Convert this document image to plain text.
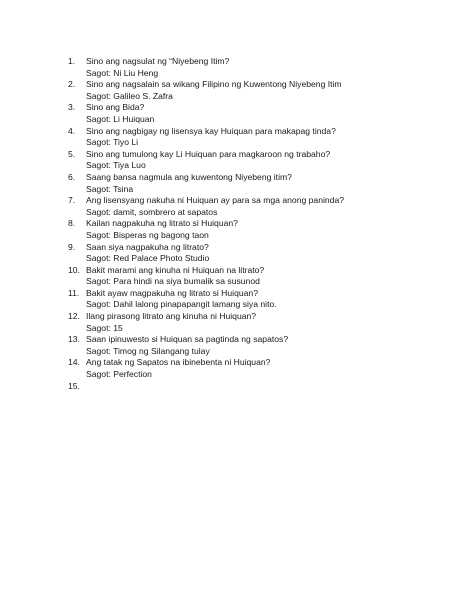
1.	Sino ang nagsulat ng “Niyebeng Itim?
Sagot: Ni Liu Heng
2.	Sino ang nagsalain sa wikang Filipino ng Kuwentong Niyebeng Itim
Sagot: Galileo S. Zafra
3.	Sino ang Bida?
Sagot: Li Huiquan
4.	Sino ang nagbigay ng lisensya kay Huiquan para makapag tinda?
Sagot: Tiyo Li
5.	Sino ang tumulong kay Li Huiquan para magkaroon ng trabaho?
Sagot: Tiya Luo
6.	Saang bansa nagmula ang kuwentong Niyebeng itim?
Sagot: Tsina
7.	Ang lisensyang nakuha ni Huiquan ay para sa mga anong paninda?
Sagot: damit, sombrero at sapatos
8.	Kailan nagpakuha ng litrato si Huiquan?
Sagot: Bisperas ng bagong taon
9.	Saan siya nagpakuha ng litrato?
Sagot: Red Palace Photo Studio
10. Bakit marami ang kinuha ni Huiquan na litrato?
Sagot: Para hindi na siya bumalik sa susunod
11. Bakit ayaw magpakuha ng litrato si Huiquan?
Sagot: Dahil lalong pinapapangit lamang siya nito.
12. Ilang pirasong litrato ang kinuha ni Huiquan?
Sagot: 15
13. Saan ipinuwesto si Huiquan sa pagtinda ng sapatos?
Sagot: Timog ng Silangang tulay
14. Ang tatak ng Sapatos na ibinebenta ni Huiquan?
Sagot: Perfection
15.
